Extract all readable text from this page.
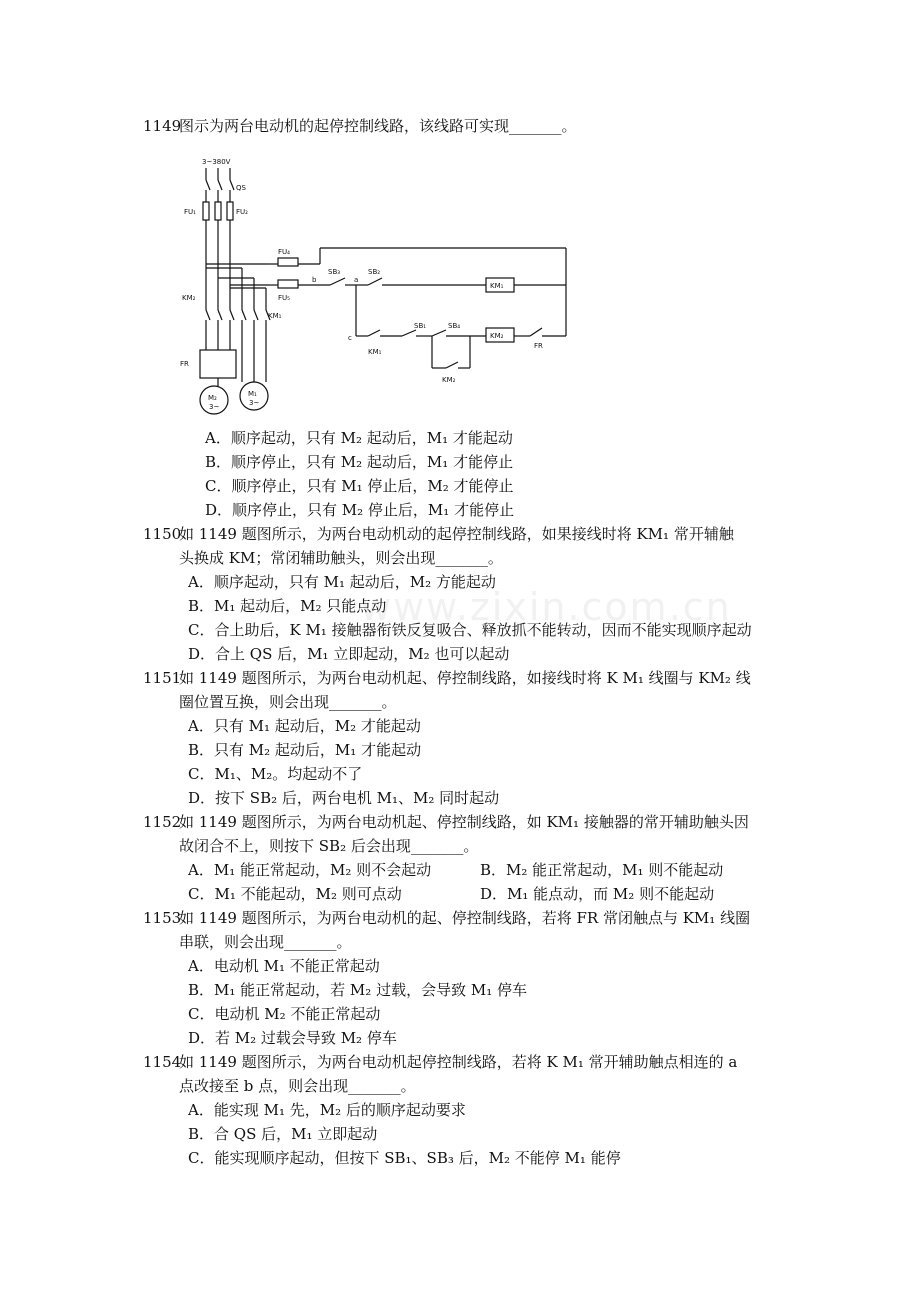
www.zixin.com.cn

1149图示为两台电动机的起停控制线路，该线路可实现_______。

3~380V
QS
FU₁	FU₂
KM₂
KM₁
FR
M₂
3~
M₁
3~
FU₄
FU₅
b
SB₃
a
SB₂
KM₁
c
KM₁
SB₁	SB₄
KM₂
FR
KM₂
A．顺序起动，只有 M₂ 起动后，M₁ 才能起动
B．顺序停止，只有 M₂ 起动后，M₁ 才能停止
C．顺序停止，只有 M₁ 停止后，M₂ 才能停止
D．顺序停止，只有 M₂ 停止后，M₁ 才能停止

1150如 1149 题图所示，为两台电动机动的起停控制线路，如果接线时将 KM₁ 常开辅触

头换成 KM；常闭辅助触头，则会出现_______。

A．顺序起动，只有 M₁ 起动后，M₂ 方能起动
B．M₁ 起动后，M₂ 只能点动
C．合上助后，K M₁ 接触器衔铁反复吸合、释放抓不能转动，因而不能实现顺序起动
D．合上 QS 后，M₁ 立即起动，M₂ 也可以起动

1151如 1149 题图所示，为两台电动机起、停控制线路，如接线时将 K M₁ 线圈与 KM₂ 线

圈位置互换，则会出现_______。

A．只有 M₁ 起动后，M₂ 才能起动
B．只有 M₂ 起动后，M₁ 才能起动
C．M₁、M₂。均起动不了
D．按下 SB₂ 后，两台电机 M₁、M₂ 同时起动

1152如 1149 题图所示，为两台电动机起、停控制线路，如 KM₁ 接触器的常开辅助触头因

故闭合不上，则按下 SB₂ 后会出现_______。

A．M₁ 能正常起动，M₂ 则不会起动	B．M₂ 能正常起动，M₁ 则不能起动
C．M₁ 不能起动，M₂ 则可点动	D．M₁ 能点动，而 M₂ 则不能起动

1153如 1149 题图所示，为两台电动机的起、停控制线路，若将 FR 常闭触点与 KM₁ 线圈

串联，则会出现_______。

A．电动机 M₁ 不能正常起动
B．M₁ 能正常起动，若 M₂ 过载，会导致 M₁ 停车
C．电动机 M₂ 不能正常起动
D．若 M₂ 过载会导致 M₂ 停车

1154如 1149 题图所示，为两台电动机起停控制线路，若将 K M₁ 常开辅助触点相连的 a

点改接至 b 点，则会出现_______。

A．能实现 M₁ 先，M₂ 后的顺序起动要求
B．合 QS 后，M₁ 立即起动
C．能实现顺序起动，但按下 SB₁、SB₃ 后，M₂ 不能停 M₁ 能停
